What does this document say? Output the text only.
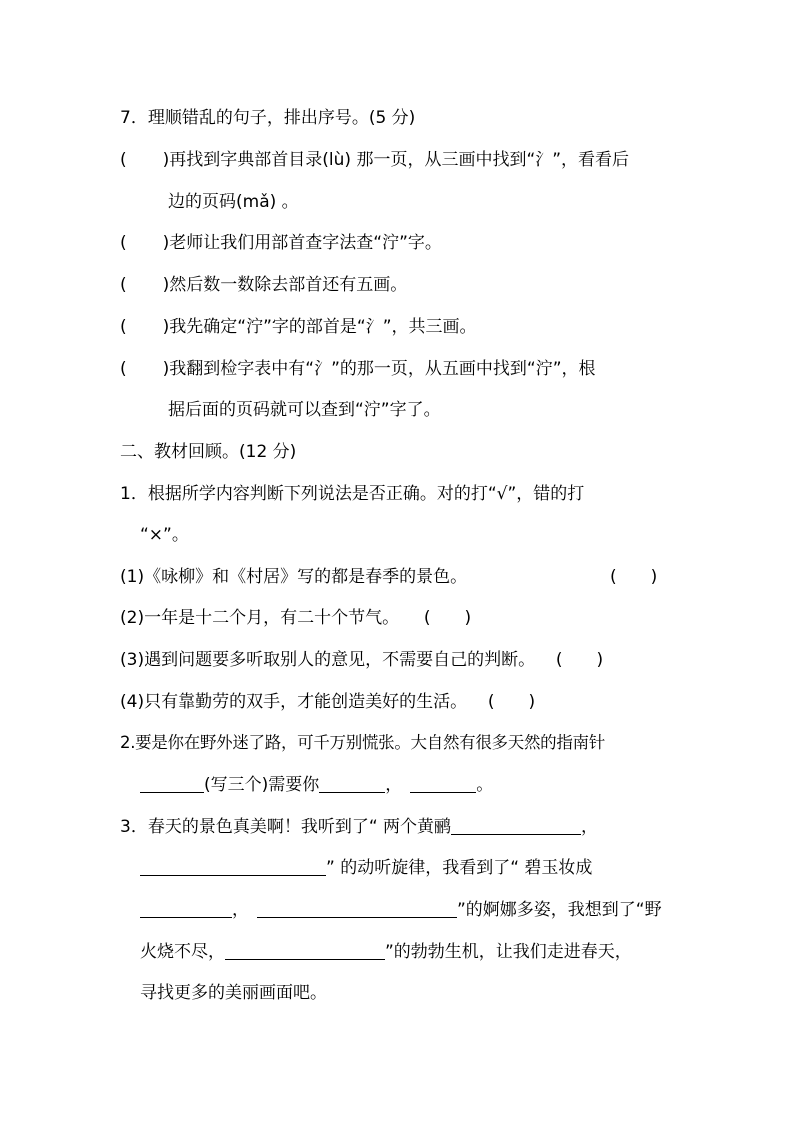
7．理顺错乱的句子，排出序号。(5 分)
( )再找到字典部首目录(lù) 那一页，从三画中找到“氵”，看看后
边的页码(mǎ) 。
( )老师让我们用部首查字法查“泞”字。
( )然后数一数除去部首还有五画。
( )我先确定“泞”字的部首是“氵”，共三画。
( )我翻到检字表中有“氵”的那一页，从五画中找到“泞”，根
据后面的页码就可以查到“泞”字了。
二、教材回顾。(12 分)
1．根据所学内容判断下列说法是否正确。对的打“√”，错的打
“×”。
(1)《咏柳》和《村居》写的都是春季的景色。	( )
(2)一年是十二个月，有二十个节气。 ( )
(3)遇到问题要多听取别人的意见，不需要自己的判断。 ( )
(4)只有靠勤劳的双手，才能创造美好的生活。 ( )
2.要是你在野外迷了路，可千万别慌张。大自然有很多天然的指南针
(写三个)需要你	，	。
3．春天的景色真美啊！我听到了“ 两个黄鹂	，
” 的动听旋律，我看到了“ 碧玉妆成
，	”的婀娜多姿，我想到了“野
火烧不尽，	”的勃勃生机，让我们走进春天，
寻找更多的美丽画面吧。
